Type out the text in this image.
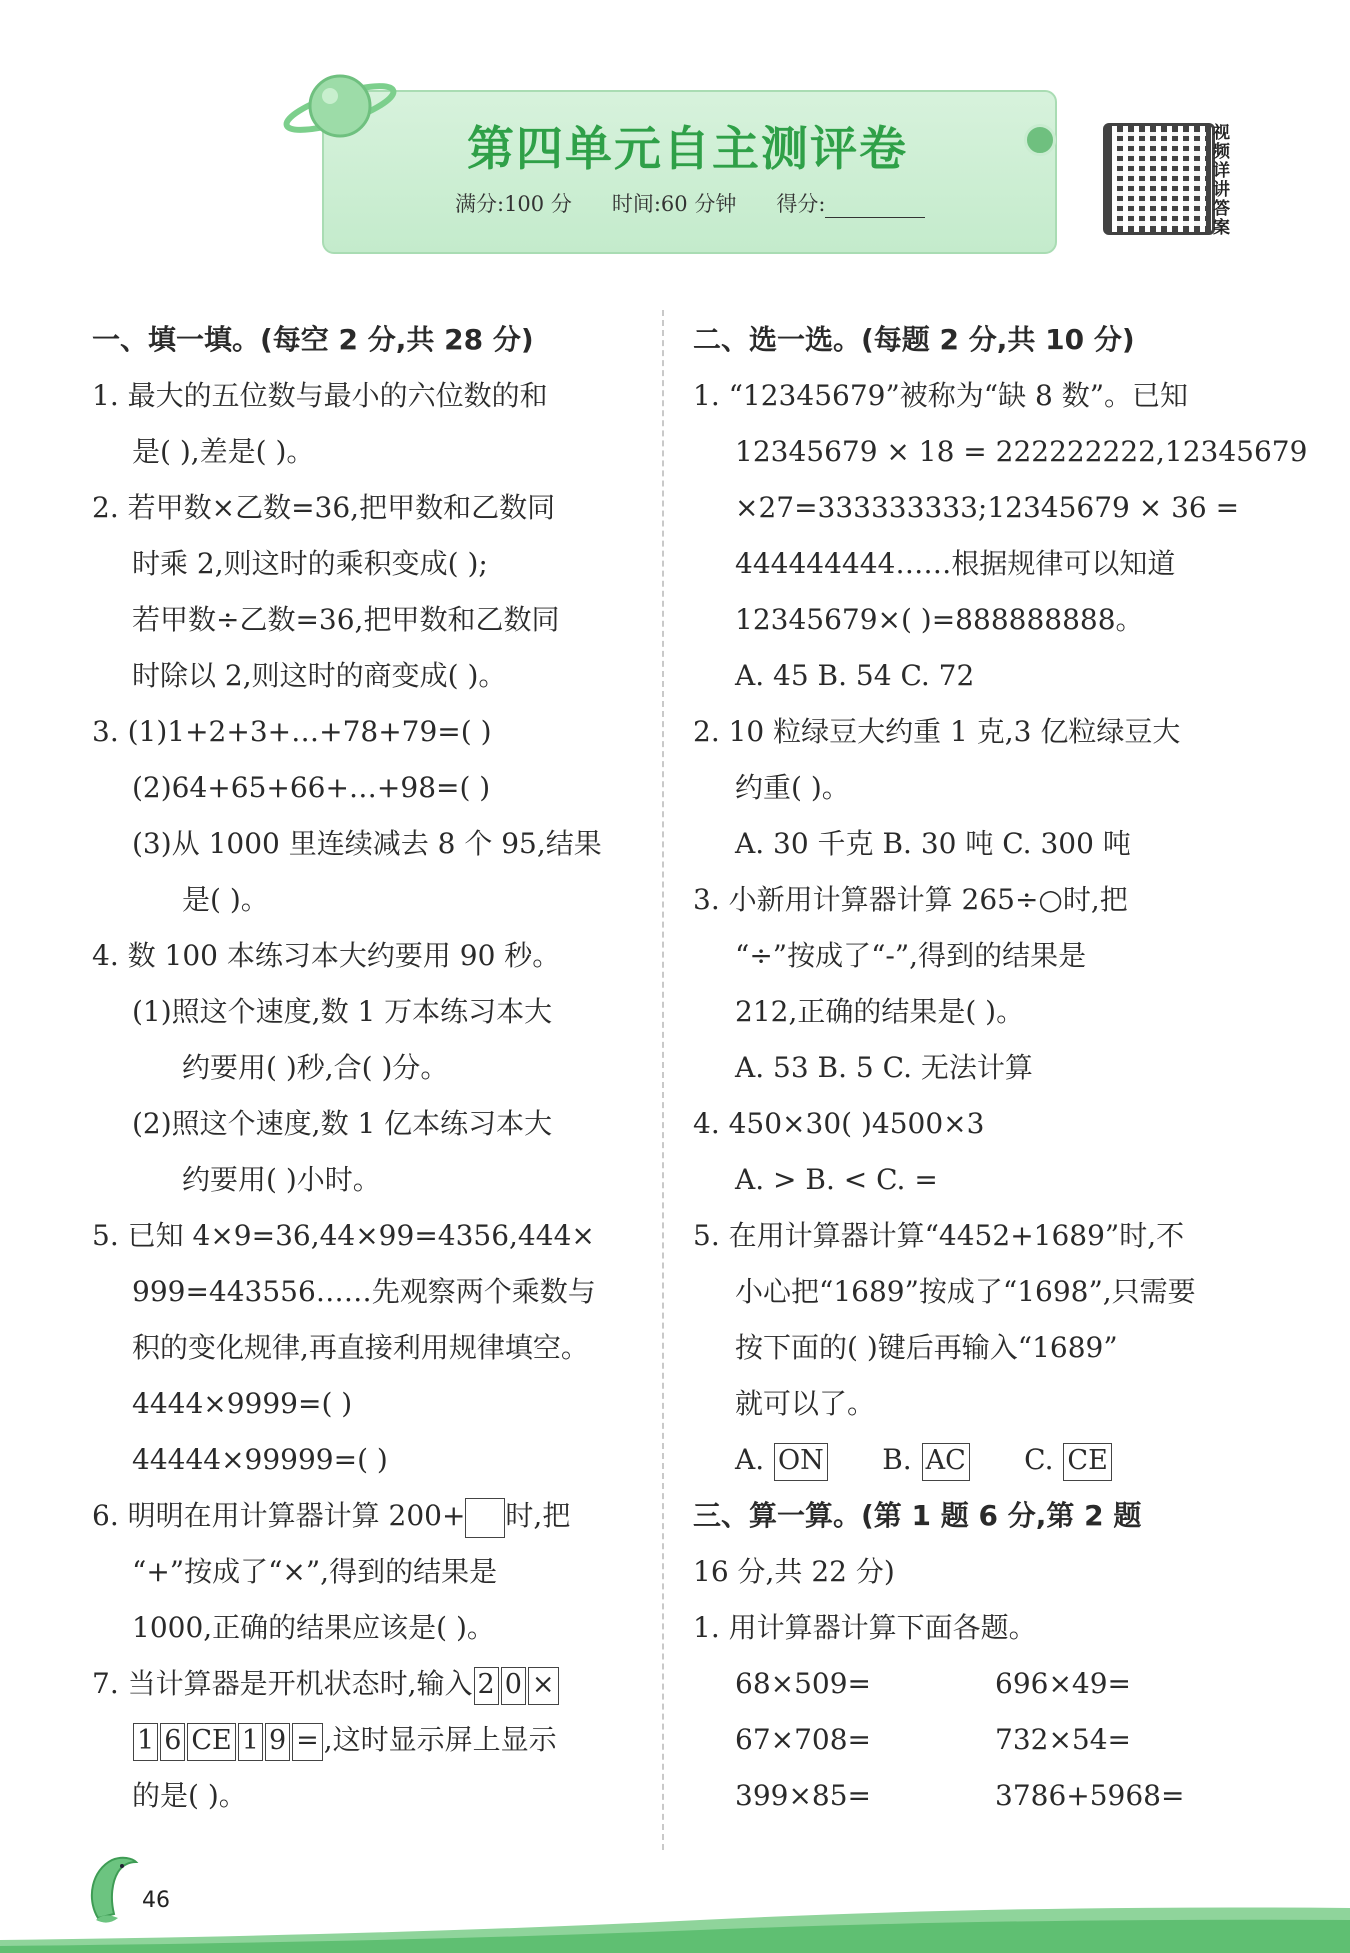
第四单元自主测评卷
满分:100 分 时间:60 分钟 得分:
视频详讲答案
一、填一填。(每空 2 分,共 28 分)
1. 最大的五位数与最小的六位数的和
是( ),差是( )。
2. 若甲数×乙数=36,把甲数和乙数同
时乘 2,则这时的乘积变成( );
若甲数÷乙数=36,把甲数和乙数同
时除以 2,则这时的商变成( )。
3. (1)1+2+3+…+78+79=( )
(2)64+65+66+…+98=( )
(3)从 1000 里连续减去 8 个 95,结果
是( )。
4. 数 100 本练习本大约要用 90 秒。
(1)照这个速度,数 1 万本练习本大
约要用( )秒,合( )分。
(2)照这个速度,数 1 亿本练习本大
约要用( )小时。
5. 已知 4×9=36,44×99=4356,444×
999=443556……先观察两个乘数与
积的变化规律,再直接利用规律填空。
4444×9999=( )
44444×99999=( )
6. 明明在用计算器计算 200+ 时,把
“+”按成了“×”,得到的结果是
1000,正确的结果应该是( )。
7. 当计算器是开机状态时,输入 2 0 ×
1 6 CE 1 9 = ,这时显示屏上显示
的是( )。
二、选一选。(每题 2 分,共 10 分)
1. “12345679”被称为“缺 8 数”。已知
12345679 × 18 = 222222222,12345679
×27=333333333;12345679 × 36 =
444444444……根据规律可以知道
12345679×( )=888888888。
A. 45 B. 54 C. 72
2. 10 粒绿豆大约重 1 克,3 亿粒绿豆大
约重( )。
A. 30 千克 B. 30 吨 C. 300 吨
3. 小新用计算器计算 265÷○时,把
“÷”按成了“-”,得到的结果是
212,正确的结果是( )。
A. 53 B. 5 C. 无法计算
4. 450×30( )4500×3
A. > B. < C. =
5. 在用计算器计算“4452+1689”时,不
小心把“1689”按成了“1698”,只需要
按下面的( )键后再输入“1689”
就可以了。
A. ON B. AC C. CE
三、算一算。(第 1 题 6 分,第 2 题
16 分,共 22 分)
1. 用计算器计算下面各题。
68×509=	696×49=
67×708=	732×54=
399×85=	3786+5968=
46
